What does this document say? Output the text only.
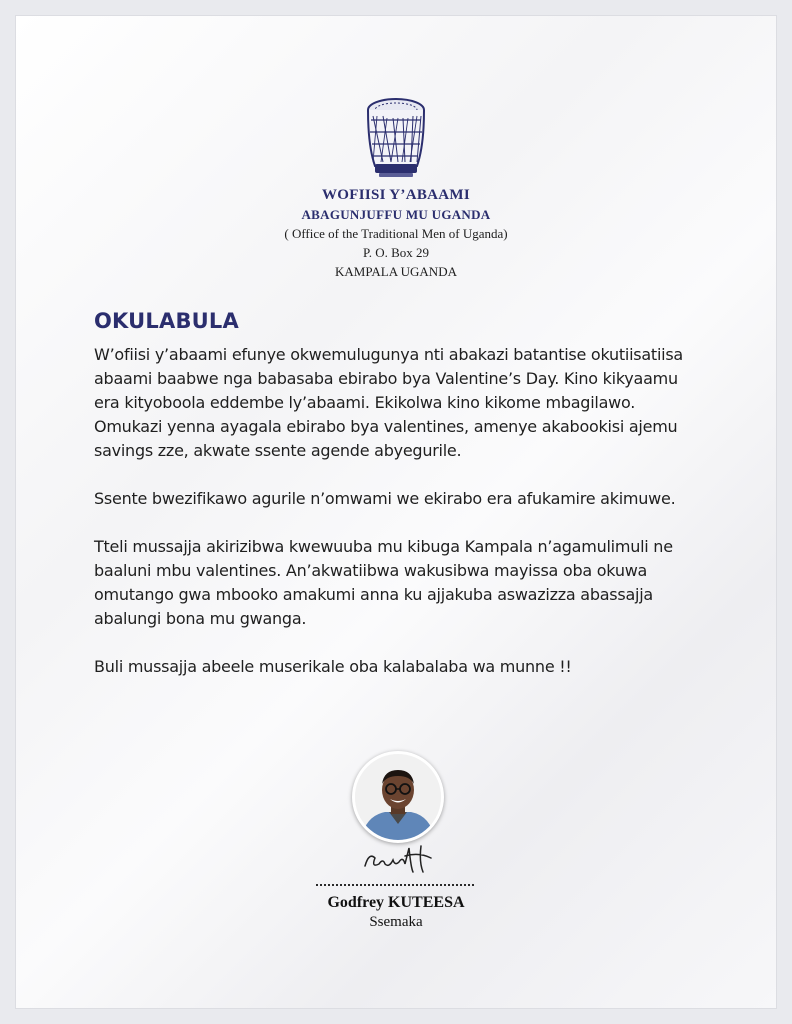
WOFIISI Y’ABAAMI
ABAGUNJUFFU MU UGANDA
( Office of the Traditional Men of Uganda)
P. O. Box 29
KAMPALA UGANDA
OKULABULA

W’ofiisi y’abaami efunye okwemulugunya nti abakazi batantise okutiisatiisa abaami baabwe nga babasaba ebirabo bya Valentine’s Day. Kino kikyaamu era kityoboola eddembe ly’abaami. Ekikolwa kino kikome mbagilawo. Omukazi yenna ayagala ebirabo bya valentines, amenye akabookisi ajemu savings zze, akwate ssente agende abyegurile.

Ssente bwezifikawo agurile n’omwami we ekirabo era afukamire akimuwe.

Tteli mussajja akirizibwa kwewuuba mu kibuga Kampala n’agamulimuli ne baaluni mbu valentines. An’akwatiibwa wakusibwa mayissa oba okuwa omutango gwa mbooko amakumi anna ku ajjakuba aswazizza abassajja abalungi bona mu gwanga.

Buli mussajja abeele muserikale oba kalabalaba wa munne !!

Godfrey KUTEESA
Ssemaka
